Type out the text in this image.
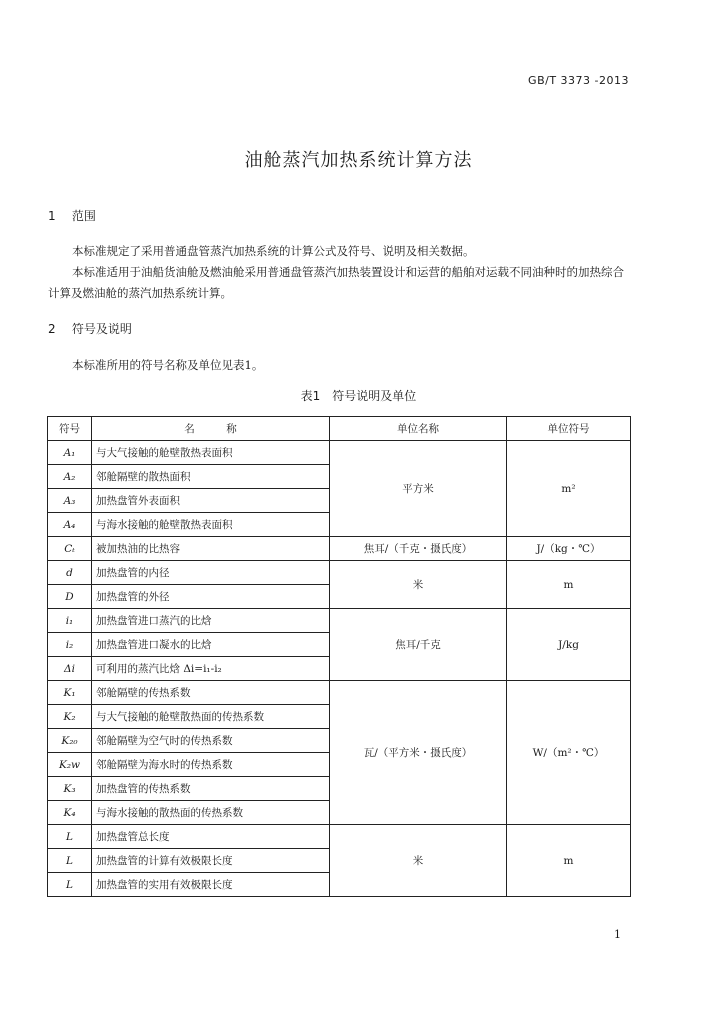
GB/T 3373 -2013
油舱蒸汽加热系统计算方法
1 范围
本标准规定了采用普通盘管蒸汽加热系统的计算公式及符号、说明及相关数据。
本标准适用于油船货油舱及燃油舱采用普通盘管蒸汽加热装置设计和运营的船舶对运载不同油种时的加热综合计算及燃油舱的蒸汽加热系统计算。
2 符号及说明
本标准所用的符号名称及单位见表1。
表1　符号说明及单位
符号	名　　　称	单位名称	单位符号
A₁	与大气接触的舱壁散热表面积	平方米	m²
A₂	邻舱隔壁的散热面积		
A₃	加热盘管外表面积		
A₄	与海水接触的舱壁散热表面积		
Cₜ	被加热油的比热容	焦耳/（千克・摄氏度）	J/（kg・℃）
d	加热盘管的内径	米	m
D	加热盘管的外径		
i₁	加热盘管进口蒸汽的比焓	焦耳/千克	J/kg
i₂	加热盘管进口凝水的比焓		
Δi	可利用的蒸汽比焓 Δi=i₁-i₂		
K₁	邻舱隔壁的传热系数	瓦/（平方米・摄氏度）	W/（m²・℃）
K₂	与大气接触的舱壁散热面的传热系数		
K₂₀	邻舱隔壁为空气时的传热系数		
K₂w	邻舱隔壁为海水时的传热系数		
K₃	加热盘管的传热系数		
K₄	与海水接触的散热面的传热系数		
L	加热盘管总长度	米	m
L	加热盘管的计算有效极限长度		
L	加热盘管的实用有效极限长度		
1
